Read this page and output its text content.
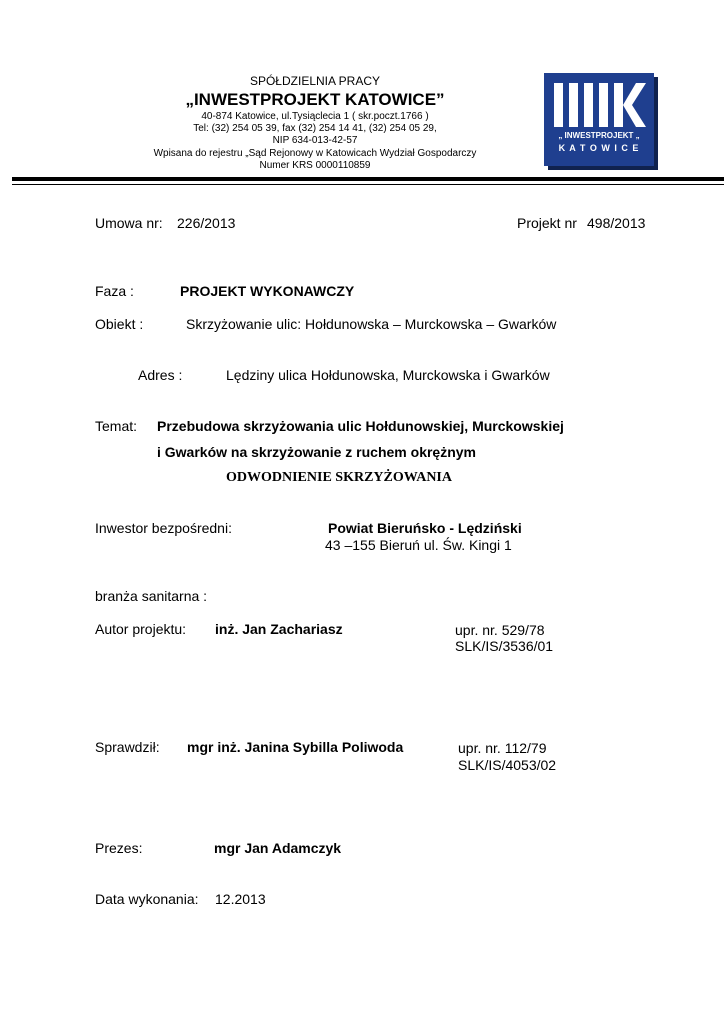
SPÓŁDZIELNIA PRACY
„INWESTPROJEKT KATOWICE”
40-874 Katowice, ul.Tysiąclecia 1 ( skr.poczt.1766 )
Tel: (32) 254 05 39, fax (32) 254 14 41, (32) 254 05 29,
NIP 634-013-42-57
Wpisana do rejestru „Sąd Rejonowy w Katowicach Wydział Gospodarczy
Numer KRS 0000110859
„ INWESTPROJEKT „
K A T O W I C E
Umowa nr: 226/2013	Projekt nr 498/2013
Faza :	PROJEKT WYKONAWCZY
Obiekt :	Skrzyżowanie ulic: Hołdunowska – Murckowska – Gwarków
Adres :	Lędziny ulica Hołdunowska, Murckowska i Gwarków
Temat: Przebudowa skrzyżowania ulic Hołdunowskiej, Murckowskiej
i Gwarków na skrzyżowanie z ruchem okrężnym
ODWODNIENIE SKRZYŻOWANIA
Inwestor bezpośredni:	Powiat Bieruńsko - Lędziński
43 –155 Bieruń ul. Św. Kingi 1
branża sanitarna :
Autor projektu: inż. Jan Zachariasz	upr. nr. 529/78
SLK/IS/3536/01
Sprawdził: mgr inż. Janina Sybilla Poliwoda	upr. nr. 112/79
SLK/IS/4053/02
Prezes:	mgr Jan Adamczyk
Data wykonania: 12.2013
